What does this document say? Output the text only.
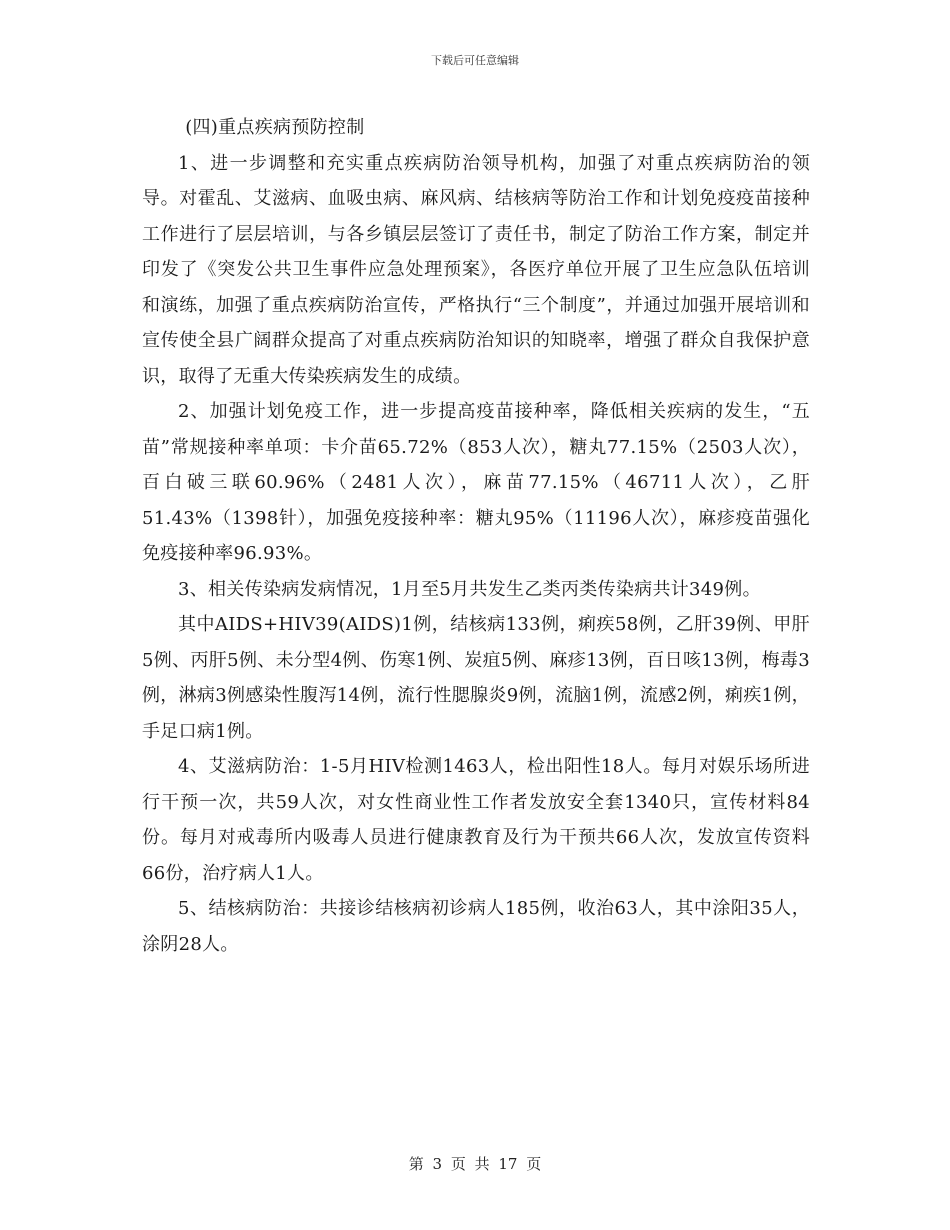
下载后可任意编辑

(四)重点疾病预防控制

1、进一步调整和充实重点疾病防治领导机构，加强了对重点疾病防治的领导。对霍乱、艾滋病、血吸虫病、麻风病、结核病等防治工作和计划免疫疫苗接种工作进行了层层培训，与各乡镇层层签订了责任书，制定了防治工作方案，制定并印发了《突发公共卫生事件应急处理预案》，各医疗单位开展了卫生应急队伍培训和演练，加强了重点疾病防治宣传，严格执行“三个制度”，并通过加强开展培训和宣传使全县广阔群众提高了对重点疾病防治知识的知晓率，增强了群众自我保护意识，取得了无重大传染疾病发生的成绩。

2、加强计划免疫工作，进一步提高疫苗接种率，降低相关疾病的发生，“五苗”常规接种率单项：卡介苗65.72%（853人次），糖丸77.15%（2503人次），百白破三联60.96%（2481人次），麻苗77.15%（46711人次），乙肝51.43%（1398针），加强免疫接种率：糖丸95%（11196人次），麻疹疫苗强化免疫接种率96.93%。

3、相关传染病发病情况，1月至5月共发生乙类丙类传染病共计349例。

其中AIDS+HIV39(AIDS)1例，结核病133例，痢疾58例，乙肝39例、甲肝5例、丙肝5例、未分型4例、伤寒1例、炭疽5例、麻疹13例，百日咳13例，梅毒3例，淋病3例感染性腹泻14例，流行性腮腺炎9例，流脑1例，流感2例，痢疾1例，手足口病1例。

4、艾滋病防治：1-5月HIV检测1463人，检出阳性18人。每月对娱乐场所进行干预一次，共59人次，对女性商业性工作者发放安全套1340只，宣传材料84份。每月对戒毒所内吸毒人员进行健康教育及行为干预共66人次，发放宣传资料66份，治疗病人1人。

5、结核病防治：共接诊结核病初诊病人185例，收治63人，其中涂阳35人，涂阴28人。

第 3 页 共 17 页
